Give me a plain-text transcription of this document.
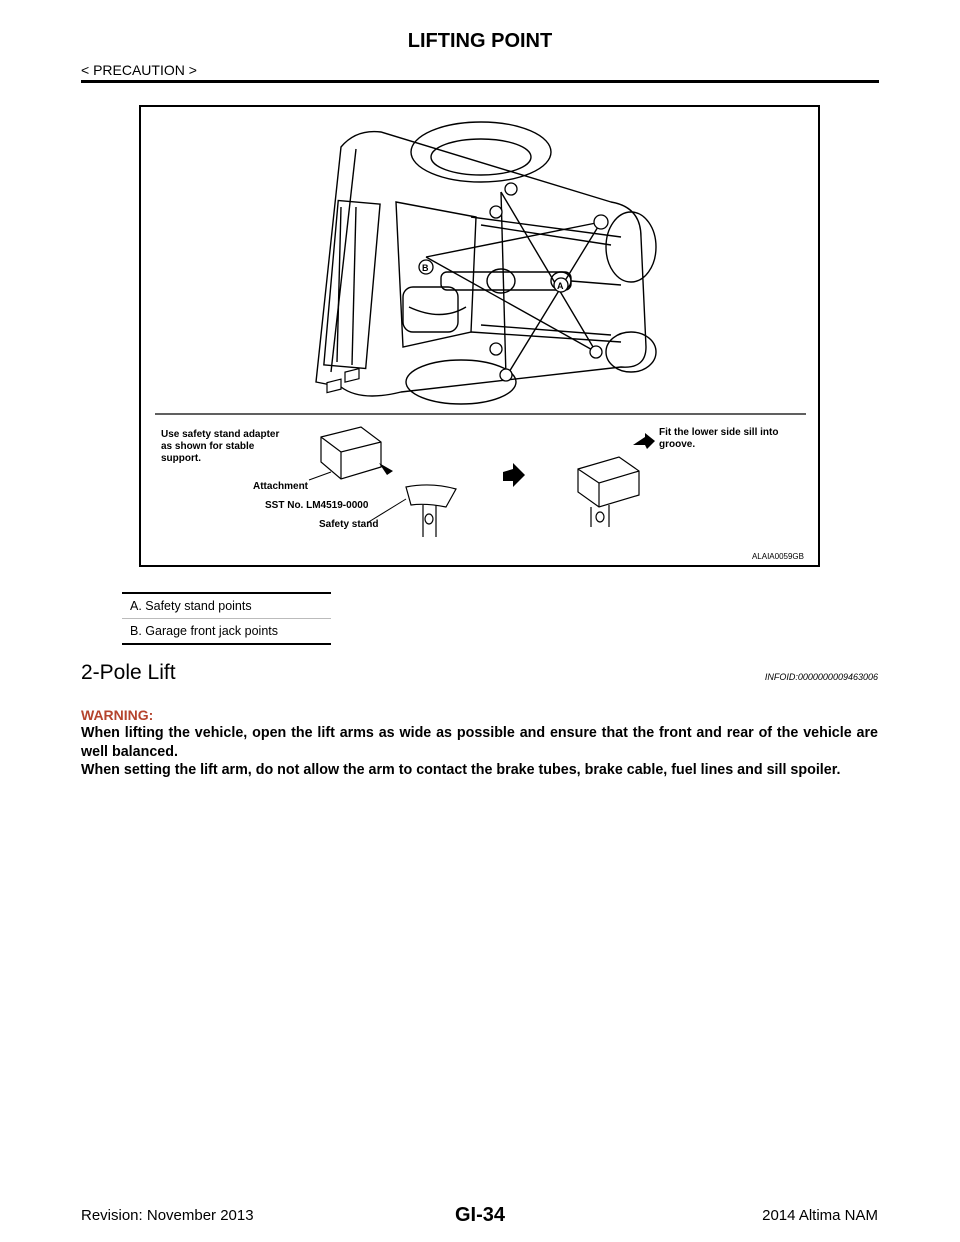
LIFTING POINT
< PRECAUTION >
B
A
Use safety stand adapter as shown for stable support.
Fit the lower side sill into groove.
Attachment
SST No. LM4519-0000
Safety stand
ALAIA0059GB
A. Safety stand points
B. Garage front jack points
2-Pole Lift	INFOID:0000000009463006
WARNING:

When lifting the vehicle, open the lift arms as wide as possible and ensure that the front and rear of the vehicle are well balanced.

When setting the lift arm, do not allow the arm to contact the brake tubes, brake cable, fuel lines and sill spoiler.

Revision: November 2013	GI-34	2014 Altima NAM
